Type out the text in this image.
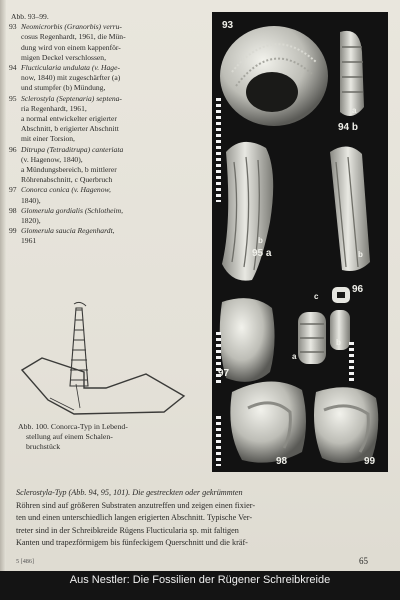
Abb. 93–99.
93 Neomicrorbis (Granorbis) verru-
cosus Regenhardt, 1961, die Mün-
dung wird von einem kappenför-
migen Deckel verschlossen,
94 Flucticularia undulata (v. Hage-
now, 1840) mit zugeschärfter (a)
und stumpfer (b) Mündung,
95 Sclerostyla (Septenaria) septena-
ria Regenhardt, 1961,
a normal entwickelter erigierter
Abschnitt, b erigierter Abschnitt
mit einer Torsion,
96 Ditrupa (Tetraditrupa) canteriata
(v. Hagenow, 1840),
a Mündungsbereich, b mittlerer
Röhrenabschnitt, c Querbruch
97 Conorca conica (v. Hagenow,
1840),
98 Glomerula gordialis (Schlotheim,
1820),
99 Glomerula saucia Regenhardt,
1961
93
94 b
a
b
95 a	b
c
96
b
a
97
98	99
Abb. 100. Conorca-Typ in Lebend-
stellung auf einem Schalen-
bruchstück
Sclerostyla-Typ (Abb. 94, 95, 101). Die gestreckten oder gekrümmten
Röhren sind auf größeren Substraten anzutreffen und zeigen einen fixier-
ten und einen unterschiedlich langen erigierten Abschnitt. Typische Ver-
treter sind in der Schreibkreide Rügens Flucticularia sp. mit faltigen
Kanten und trapezförmigem bis fünfeckigem Querschnitt und die kräf-
5 [486]	65
Aus Nestler: Die Fossilien der Rügener Schreibkreide
